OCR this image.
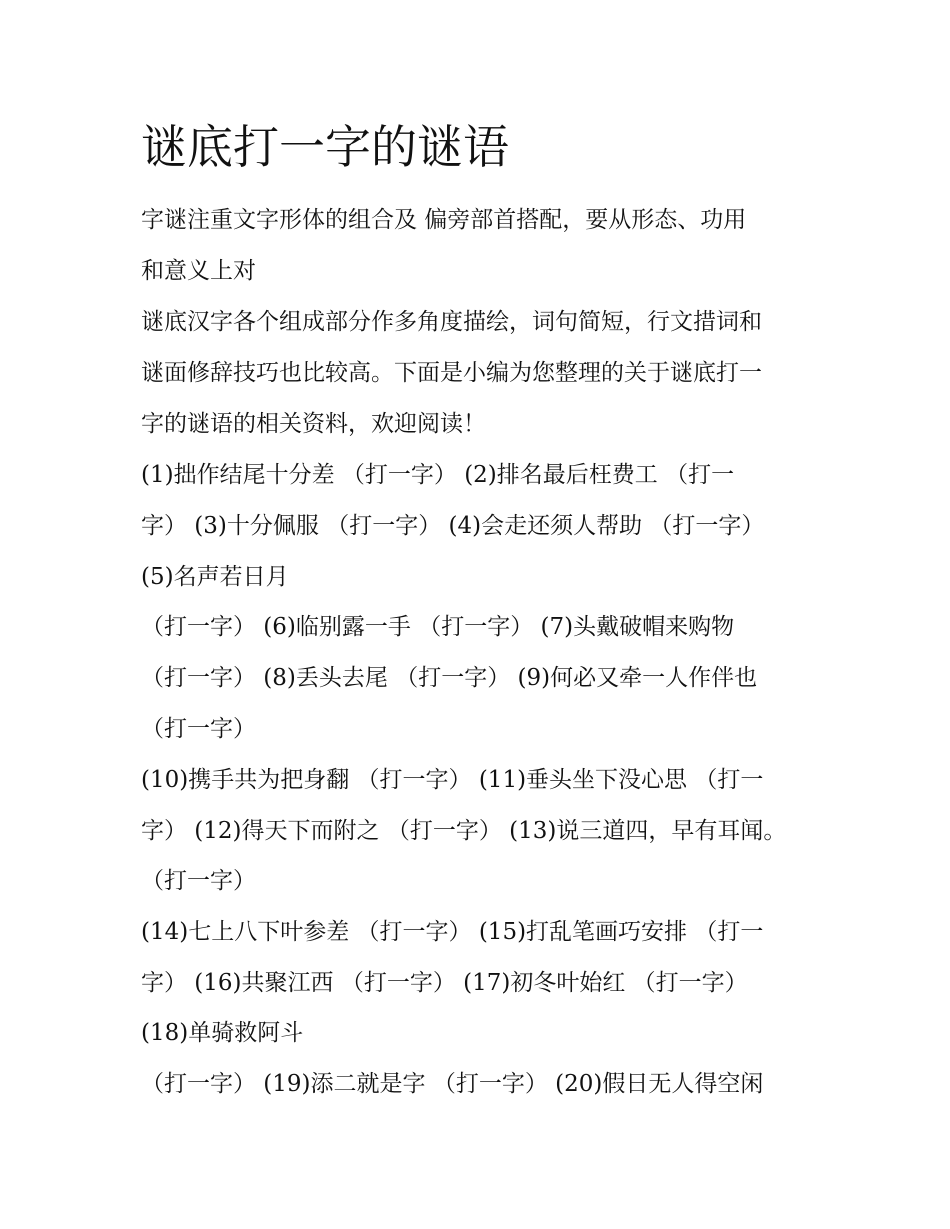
谜底打一字的谜语

字谜注重文字形体的组合及 偏旁部首搭配，要从形态、功用

和意义上对

谜底汉字各个组成部分作多角度描绘，词句简短，行文措词和

谜面修辞技巧也比较高。下面是小编为您整理的关于谜底打一

字的谜语的相关资料，欢迎阅读！

(1)拙作结尾十分差 （打一字） (2)排名最后枉费工 （打一

字） (3)十分佩服 （打一字） (4)会走还须人帮助 （打一字）

(5)名声若日月

（打一字） (6)临别露一手 （打一字） (7)头戴破帽来购物

（打一字） (8)丢头去尾 （打一字） (9)何必又牵一人作伴也

（打一字）

(10)携手共为把身翻 （打一字） (11)垂头坐下没心思 （打一

字） (12)得天下而附之 （打一字） (13)说三道四，早有耳闻。

（打一字）

(14)七上八下叶参差 （打一字） (15)打乱笔画巧安排 （打一

字） (16)共聚江西 （打一字） (17)初冬叶始红 （打一字）

(18)单骑救阿斗

（打一字） (19)添二就是字 （打一字） (20)假日无人得空闲
